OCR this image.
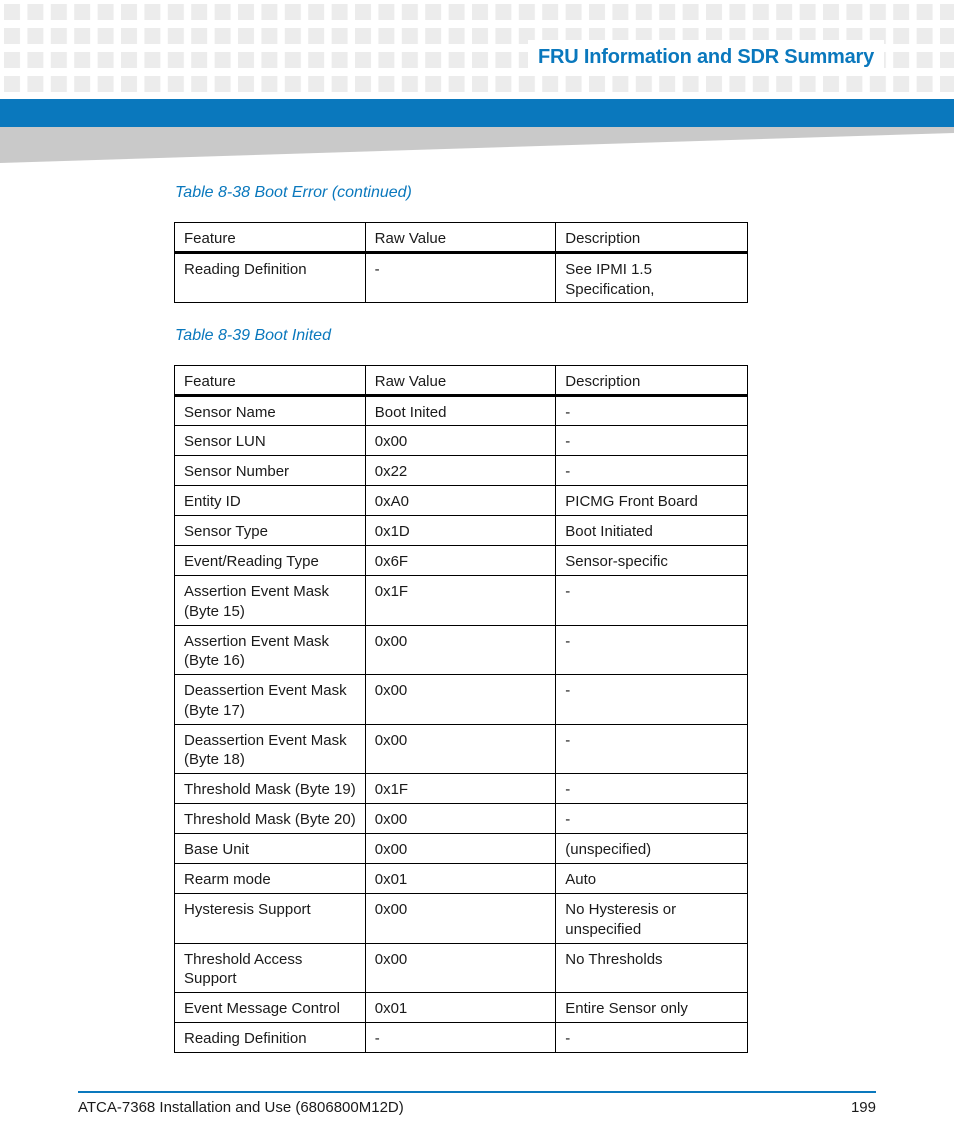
FRU Information and SDR Summary
Table 8-38 Boot Error (continued)
Feature	Raw Value	Description
Reading Definition	-	See IPMI 1.5 Specification,
Table 8-39 Boot Inited
Feature	Raw Value	Description
Sensor Name	Boot Inited	-
Sensor LUN	0x00	-
Sensor Number	0x22	-
Entity ID	0xA0	PICMG Front Board
Sensor Type	0x1D	Boot Initiated
Event/Reading Type	0x6F	Sensor-specific
Assertion Event Mask (Byte 15)	0x1F	-
Assertion Event Mask (Byte 16)	0x00	-
Deassertion Event Mask (Byte 17)	0x00	-
Deassertion Event Mask (Byte 18)	0x00	-
Threshold Mask (Byte 19)	0x1F	-
Threshold Mask (Byte 20)	0x00	-
Base Unit	0x00	(unspecified)
Rearm mode	0x01	Auto
Hysteresis Support	0x00	No Hysteresis or unspecified
Threshold Access Support	0x00	No Thresholds
Event Message Control	0x01	Entire Sensor only
Reading Definition	-	-
ATCA-7368 Installation and Use (6806800M12D)	199
